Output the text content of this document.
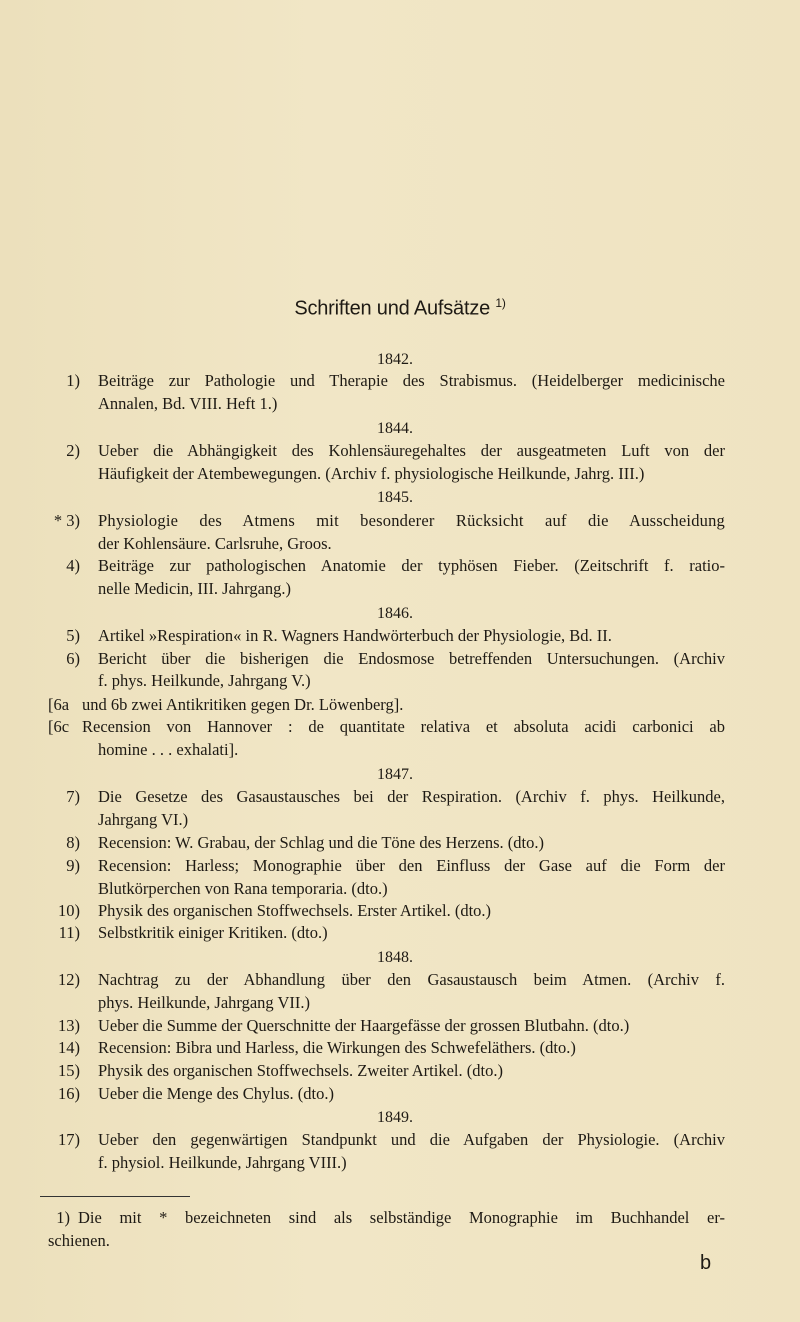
Schriften und Aufsätze $^{1)}$
1842.
1) Beiträge zur Pathologie und Therapie des Strabismus. (Heidelberger medicinische
Annalen, Bd. VIII. Heft 1.)
1844.
2) Ueber die Abhängigkeit des Kohlensäuregehaltes der ausgeatmeten Luft von der
Häufigkeit der Atembewegungen. (Archiv f. physiologische Heilkunde, Jahrg. III.)
1845.
* 3) Physiologie des Atmens mit besonderer Rücksicht auf die Ausscheidung
der Kohlensäure. Carlsruhe, Groos.
4) Beiträge zur pathologischen Anatomie der typhösen Fieber. (Zeitschrift f. ratio-
nelle Medicin, III. Jahrgang.)
1846.
5) Artikel »Respiration« in R. Wagners Handwörterbuch der Physiologie, Bd. II.
6) Bericht über die bisherigen die Endosmose betreffenden Untersuchungen. (Archiv
f. phys. Heilkunde, Jahrgang V.)
[6a und 6b zwei Antikritiken gegen Dr. Löwenberg].
[6c Recension von Hannover : de quantitate relativa et absoluta acidi carbonici ab
homine . . . exhalati].
1847.
7) Die Gesetze des Gasaustausches bei der Respiration. (Archiv f. phys. Heilkunde,
Jahrgang VI.)
8) Recension: W. Grabau, der Schlag und die Töne des Herzens. (dto.)
9) Recension: Harless; Monographie über den Einfluss der Gase auf die Form der
Blutkörperchen von Rana temporaria. (dto.)
10) Physik des organischen Stoffwechsels. Erster Artikel. (dto.)
11) Selbstkritik einiger Kritiken. (dto.)
1848.
12) Nachtrag zu der Abhandlung über den Gasaustausch beim Atmen. (Archiv f.
phys. Heilkunde, Jahrgang VII.)
13) Ueber die Summe der Querschnitte der Haargefässe der grossen Blutbahn. (dto.)
14) Recension: Bibra und Harless, die Wirkungen des Schwefeläthers. (dto.)
15) Physik des organischen Stoffwechsels. Zweiter Artikel. (dto.)
16) Ueber die Menge des Chylus. (dto.)
1849.
17) Ueber den gegenwärtigen Standpunkt und die Aufgaben der Physiologie. (Archiv
f. physiol. Heilkunde, Jahrgang VIII.)
1) Die mit * bezeichneten sind als selbständige Monographie im Buchhandel er-
schienen.
b
